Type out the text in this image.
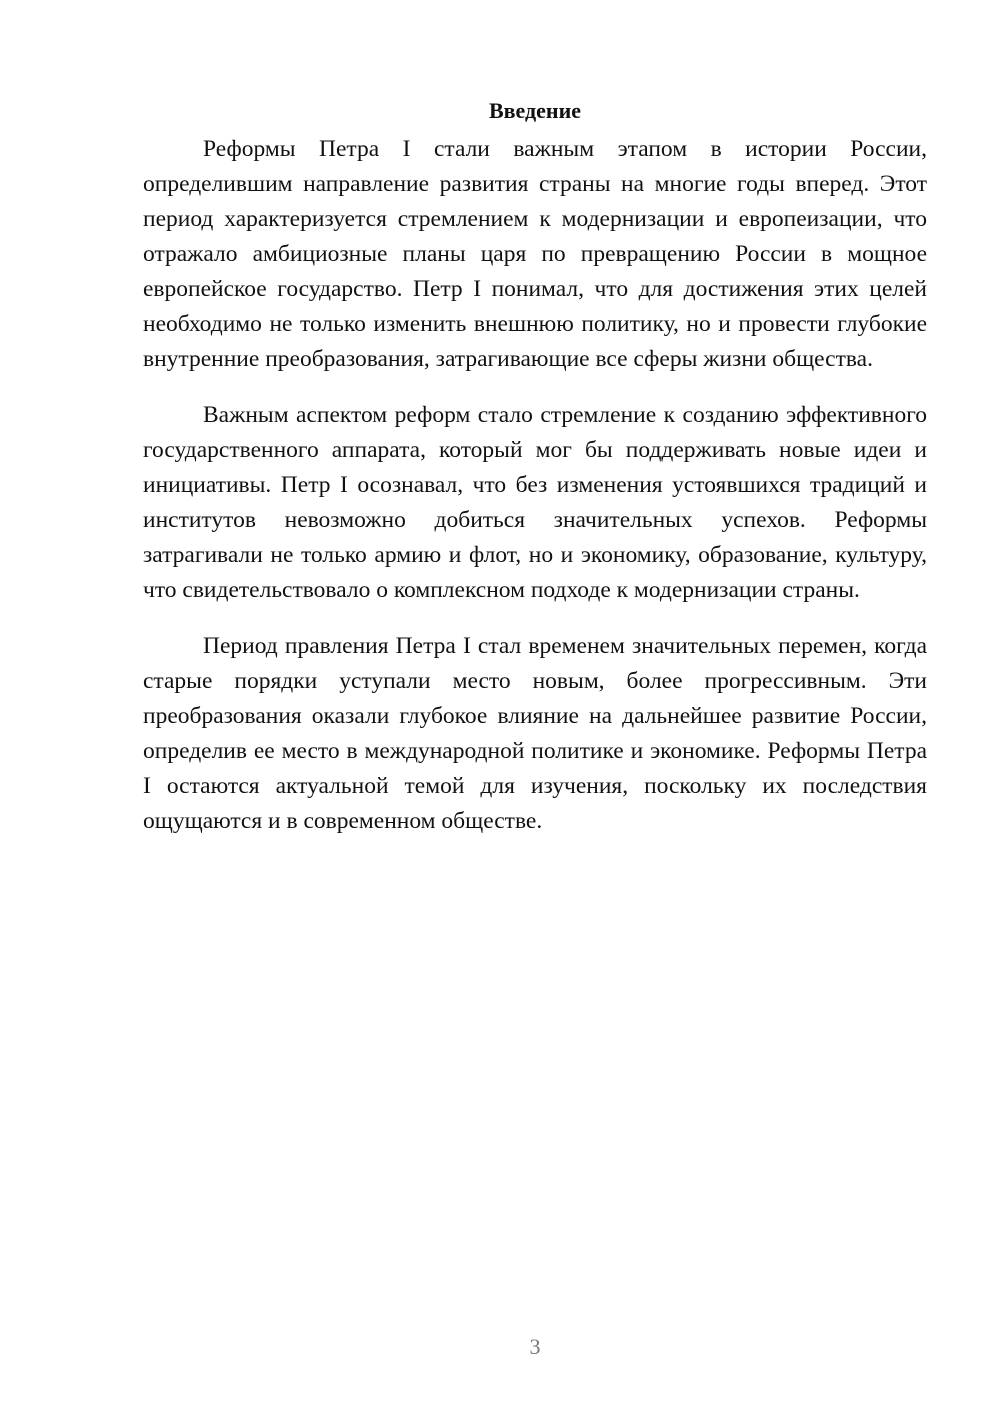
Введение

Реформы Петра I стали важным этапом в истории России, определившим направление развития страны на многие годы вперед. Этот период характеризуется стремлением к модернизации и европеизации, что отражало амбициозные планы царя по превращению России в мощное европейское государство. Петр I понимал, что для достижения этих целей необходимо не только изменить внешнюю политику, но и провести глубокие внутренние преобразования, затрагивающие все сферы жизни общества.

Важным аспектом реформ стало стремление к созданию эффективного государственного аппарата, который мог бы поддерживать новые идеи и инициативы. Петр I осознавал, что без изменения устоявшихся традиций и институтов невозможно добиться значительных успехов. Реформы затрагивали не только армию и флот, но и экономику, образование, культуру, что свидетельствовало о комплексном подходе к модернизации страны.

Период правления Петра I стал временем значительных перемен, когда старые порядки уступали место новым, более прогрессивным. Эти преобразования оказали глубокое влияние на дальнейшее развитие России, определив ее место в международной политике и экономике. Реформы Петра I остаются актуальной темой для изучения, поскольку их последствия ощущаются и в современном обществе.

3
